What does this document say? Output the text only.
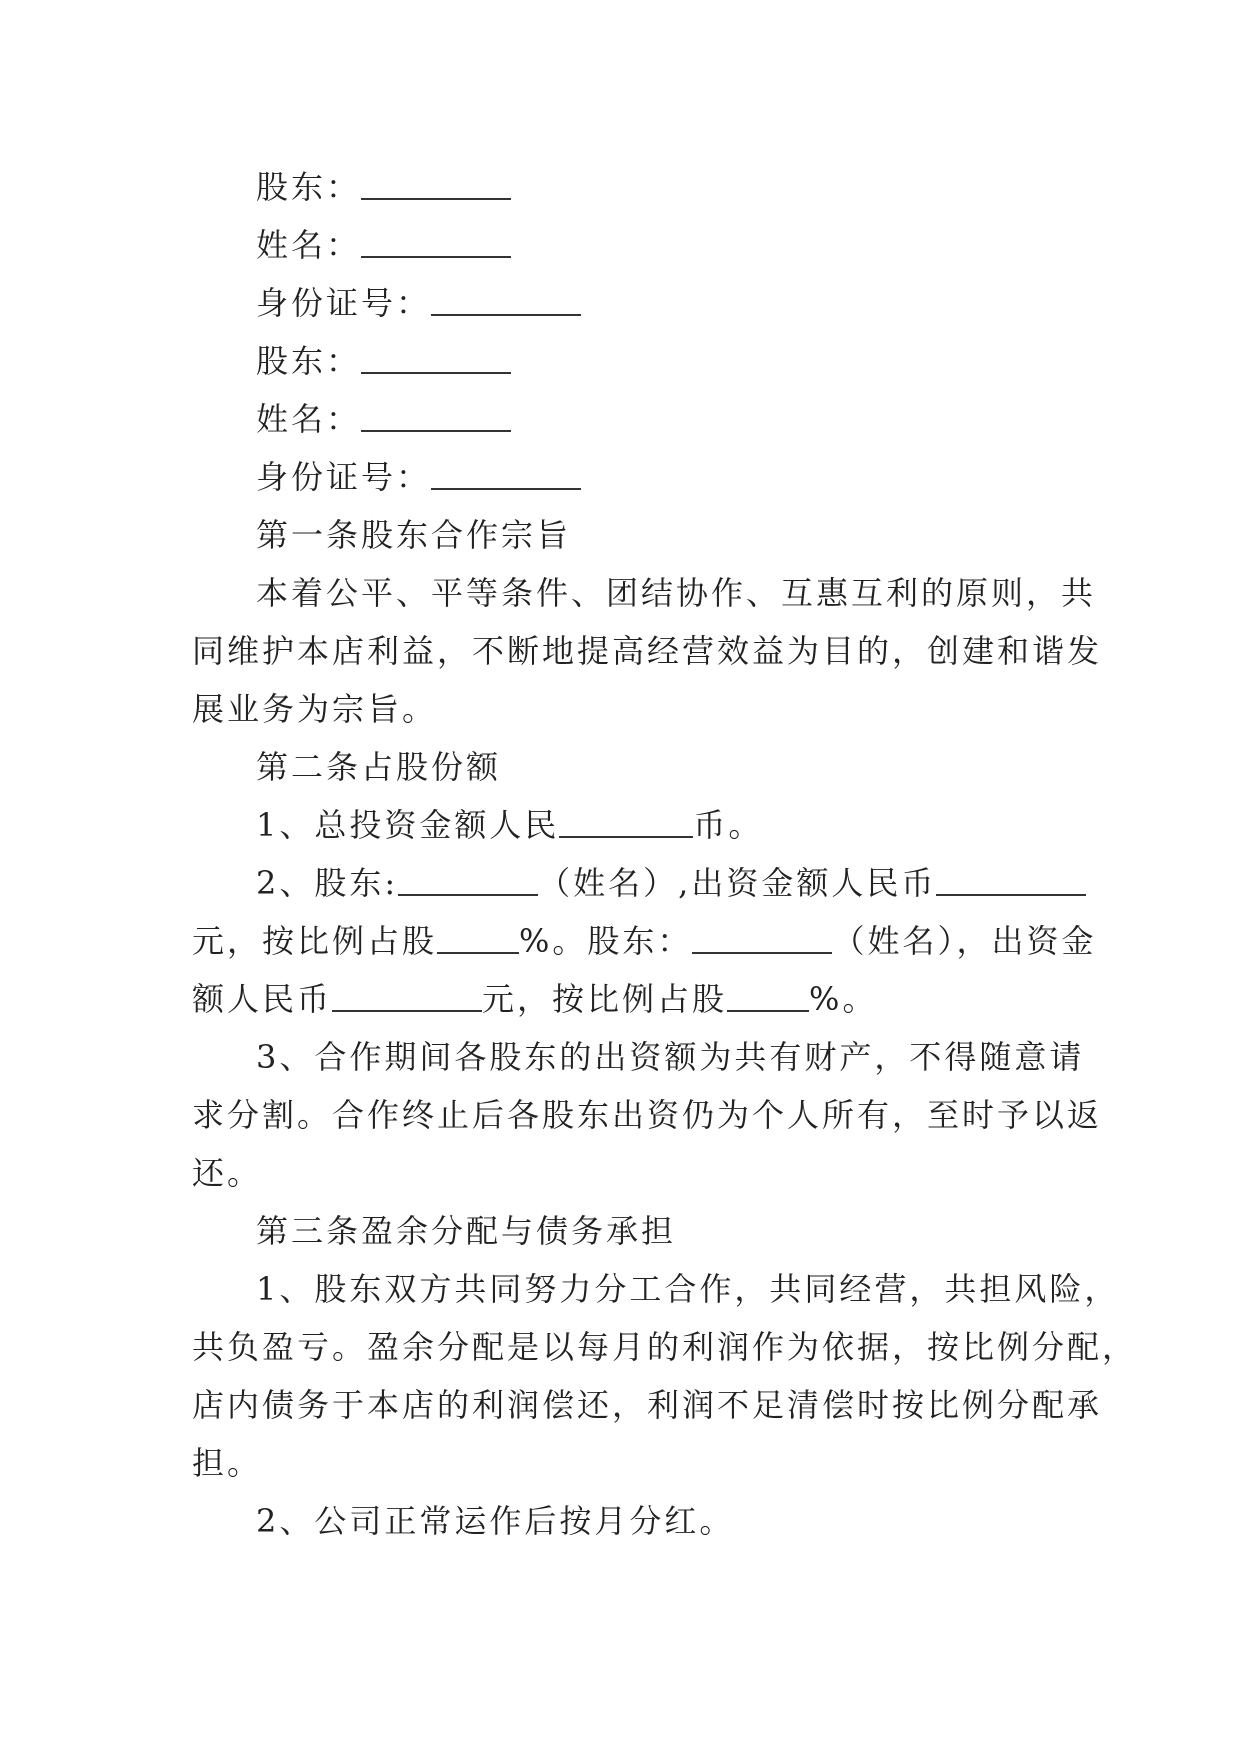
股东：
姓名：
身份证号：
股东：
姓名：
身份证号：
第一条股东合作宗旨
本着公平、平等条件、团结协作、互惠互利的原则，共
同维护本店利益，不断地提高经营效益为目的，创建和谐发
展业务为宗旨。
第二条占股份额
1、总投资金额人民	币。
2、股东:	（姓名）,出资金额人民币
元，按比例占股	%。股东：	（姓名），出资金
额人民币	元，按比例占股	%。
3、合作期间各股东的出资额为共有财产，不得随意请
求分割。合作终止后各股东出资仍为个人所有，至时予以返
还。
第三条盈余分配与债务承担
1、股东双方共同努力分工合作，共同经营，共担风险，
共负盈亏。盈余分配是以每月的利润作为依据，按比例分配，
店内债务于本店的利润偿还，利润不足清偿时按比例分配承
担。
2、公司正常运作后按月分红。
